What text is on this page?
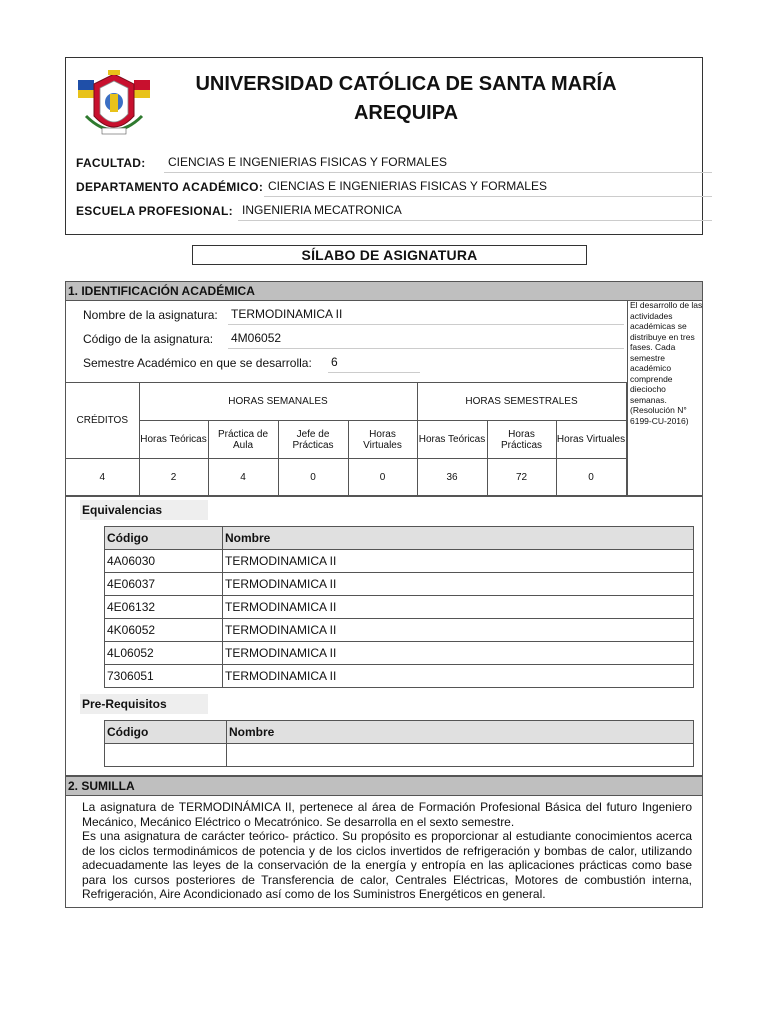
UNIVERSIDAD CATÓLICA DE SANTA MARÍA
AREQUIPA
FACULTAD:	CIENCIAS E INGENIERIAS FISICAS Y FORMALES
DEPARTAMENTO ACADÉMICO: CIENCIAS E INGENIERIAS FISICAS Y FORMALES
ESCUELA PROFESIONAL: INGENIERIA MECATRONICA
SÍLABO DE ASIGNATURA
1. IDENTIFICACIÓN ACADÉMICA
Nombre de la asignatura: TERMODINAMICA II
Código de la asignatura: 4M06052
Semestre Académico en que se desarrolla: 6
El desarrollo de las actividades académicas se distribuye en tres fases. Cada semestre académico comprende dieciocho semanas. (Resolución N° 6199-CU-2016)
CRÉDITOS	HORAS SEMANALES				HORAS SEMESTRALES		
	Horas Teóricas	Práctica de Aula	Jefe de Prácticas	Horas Virtuales	Horas Teóricas	Horas Prácticas	Horas Virtuales
4	2	4	0	0	36	72	0
Equivalencias
Código	Nombre
4A06030	TERMODINAMICA II
4E06037	TERMODINAMICA II
4E06132	TERMODINAMICA II
4K06052	TERMODINAMICA II
4L06052	TERMODINAMICA II
7306051	TERMODINAMICA II
Pre-Requisitos
Código	Nombre

2. SUMILLA

La asignatura de TERMODINÁMICA II, pertenece al área de Formación Profesional Básica del futuro Ingeniero Mecánico, Mecánico Eléctrico o Mecatrónico. Se desarrolla en el sexto semestre.

Es una asignatura de carácter teórico- práctico. Su propósito es proporcionar al estudiante conocimientos acerca de los ciclos termodinámicos de potencia y de los ciclos invertidos de refrigeración y bombas de calor, utilizando adecuadamente las leyes de la conservación de la energía y entropía en las aplicaciones prácticas como base para los cursos posteriores de Transferencia de calor, Centrales Eléctricas, Motores de combustión interna, Refrigeración, Aire Acondicionado así como de los Suministros Energéticos en general.
